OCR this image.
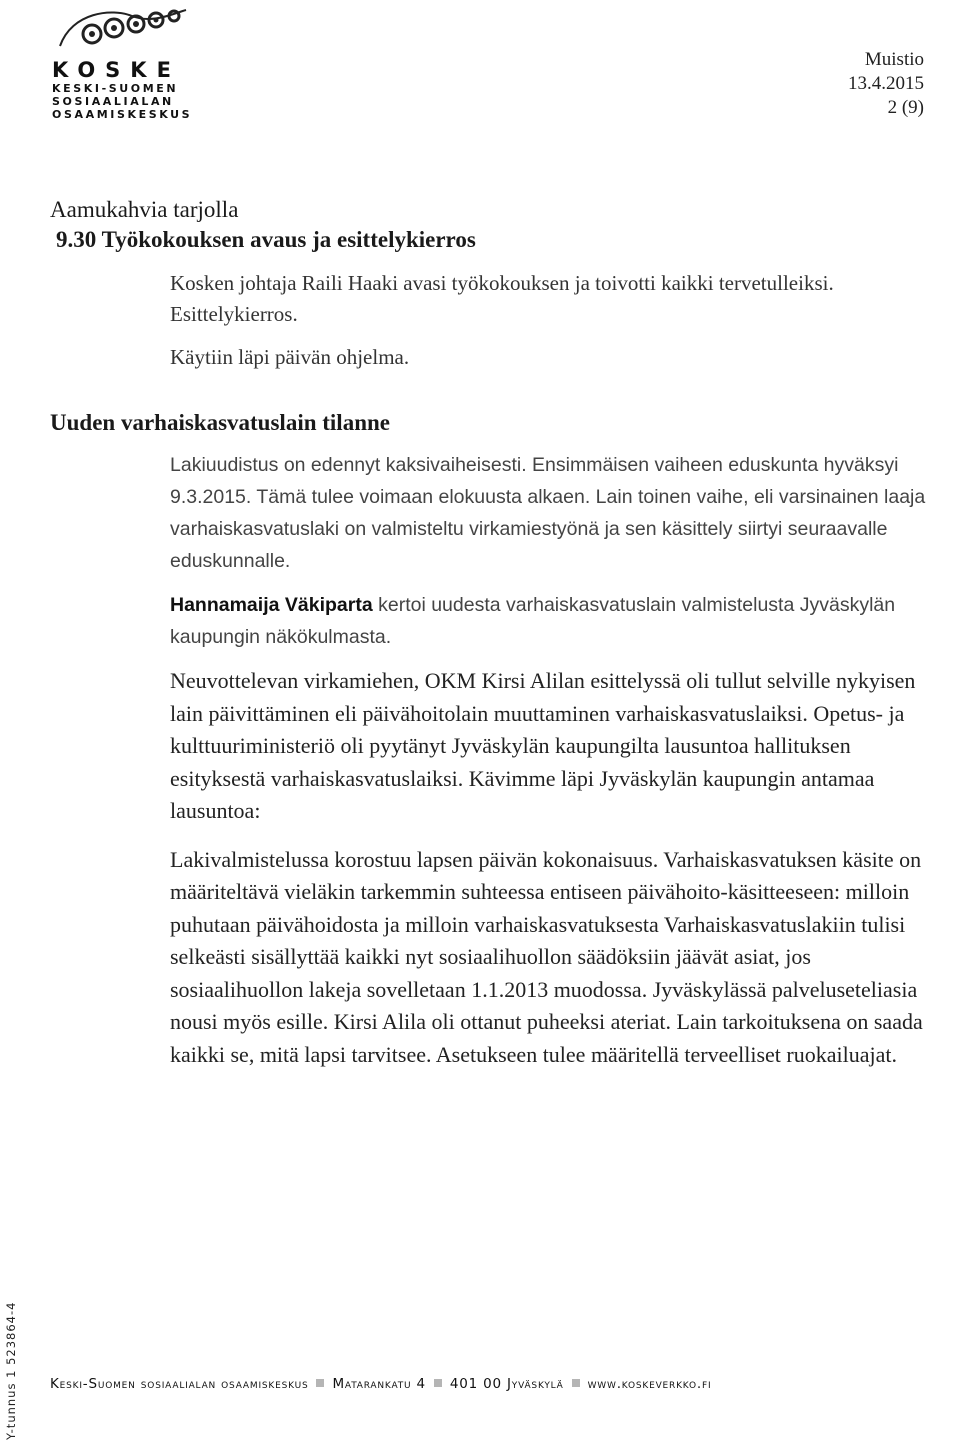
KOSKE
KESKI-SUOMEN
SOSIAALIALAN
OSAAMISKESKUS
Muistio
13.4.2015
2 (9)

Aamukahvia tarjolla

9.30 Työkokouksen avaus ja esittelykierros

Kosken johtaja Raili Haaki avasi työkokouksen ja toivotti kaikki tervetulleiksi. Esittelykierros.

Käytiin läpi päivän ohjelma.

Uuden varhaiskasvatuslain tilanne

Lakiuudistus on edennyt kaksivaiheisesti. Ensimmäisen vaiheen eduskunta hyväksyi 9.3.2015. Tämä tulee voimaan elokuusta alkaen. Lain toinen vaihe, eli varsinainen laaja varhaiskasvatuslaki on valmisteltu virkamiestyönä ja sen käsittely siirtyi seuraavalle eduskunnalle.

Hannamaija Väkiparta kertoi uudesta varhaiskasvatuslain valmistelusta Jyväskylän kaupungin näkökulmasta.

Neuvottelevan virkamiehen, OKM Kirsi Alilan esittelyssä oli tullut selville nykyisen lain päivittäminen eli päivähoitolain muuttaminen varhaiskasvatuslaiksi. Opetus- ja kulttuuriministeriö oli pyytänyt Jyväskylän kaupungilta lausuntoa hallituksen esityksestä varhaiskasvatuslaiksi. Kävimme läpi Jyväskylän kaupungin antamaa lausuntoa:

Lakivalmistelussa korostuu lapsen päivän kokonaisuus. Varhaiskasvatuksen käsite on määriteltävä vieläkin tarkemmin suhteessa entiseen päivähoito-käsitteeseen: milloin puhutaan päivähoidosta ja milloin varhaiskasvatuksesta Varhaiskasvatuslakiin tulisi selkeästi sisällyttää kaikki nyt sosiaalihuollon säädöksiin jäävät asiat, jos sosiaalihuollon lakeja sovelletaan 1.1.2013 muodossa. Jyväskylässä palveluseteliasia nousi myös esille. Kirsi Alila oli ottanut puheeksi ateriat. Lain tarkoituksena on saada kaikki se, mitä lapsi tarvitsee. Asetukseen tulee määritellä terveelliset ruokailuajat.

Y-tunnus 1 523864-4 Keski-Suomen sosiaalialan osaamiskeskus Matarankatu 4 401 00 Jyväskylä www.koskeverkko.fi
